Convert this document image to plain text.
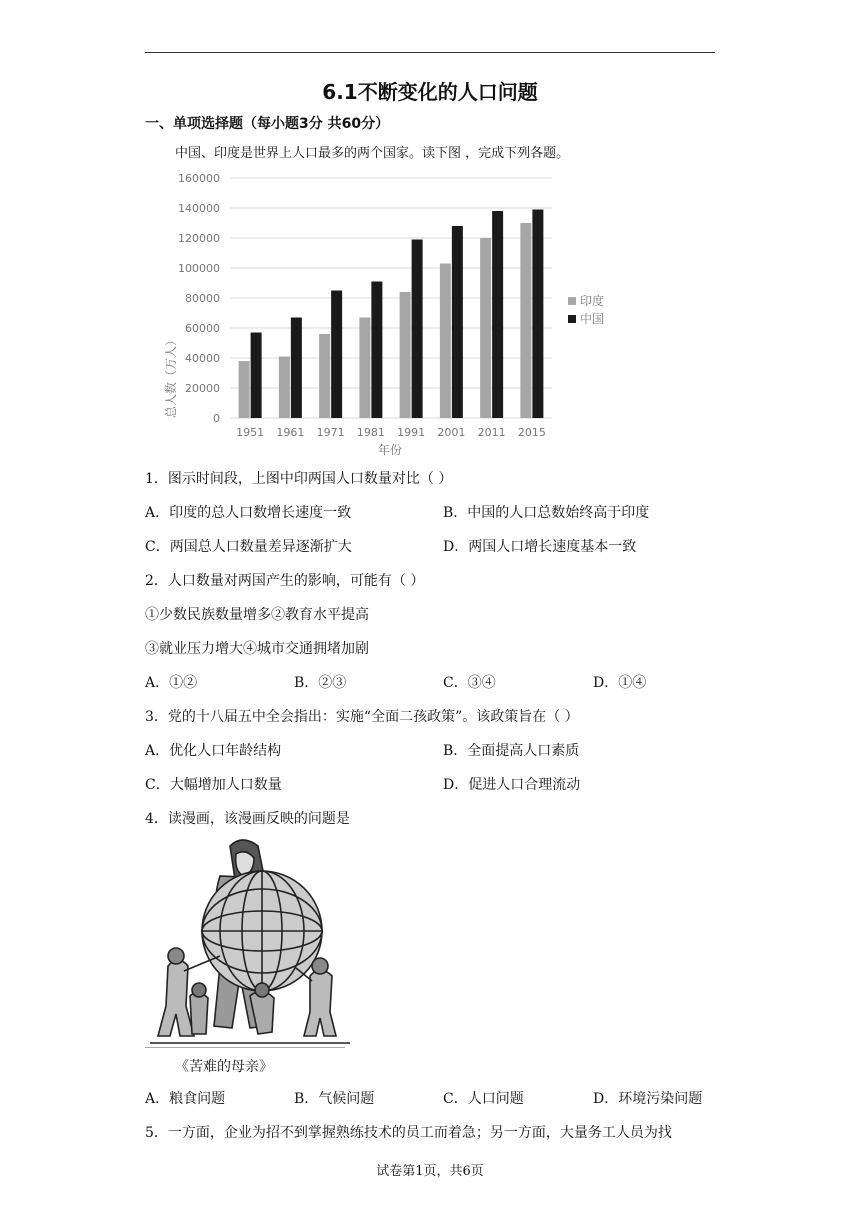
6.1不断变化的人口问题
一、单项选择题（每小题3分 共60分）
中国、印度是世界上人口最多的两个国家。读下图 ，完成下列各题。
0
20000
40000
60000
80000
100000
120000
140000
160000
1951 1961 1971 1981 1991 2001 2011 2015
总人数（万人）
年份
印度
中国
1．图示时间段，上图中印两国人口数量对比（ ）
A．印度的总人口数增长速度一致	B．中国的人口总数始终高于印度
C．两国总人口数量差异逐渐扩大	D．两国人口增长速度基本一致
2．人口数量对两国产生的影响，可能有（ ）
①少数民族数量增多②教育水平提高
③就业压力增大④城市交通拥堵加剧
A．①②	B．②③	C．③④	D．①④
3．党的十八届五中全会指出：实施“全面二孩政策”。该政策旨在（ ）
A．优化人口年龄结构	B．全面提高人口素质
C．大幅增加人口数量	D．促进人口合理流动
4．读漫画，该漫画反映的问题是
《苦难的母亲》
A．粮食问题	B．气候问题	C．人口问题	D．环境污染问题
5．一方面，企业为招不到掌握熟练技术的员工而着急；另一方面，大量务工人员为找
试卷第1页，共6页
